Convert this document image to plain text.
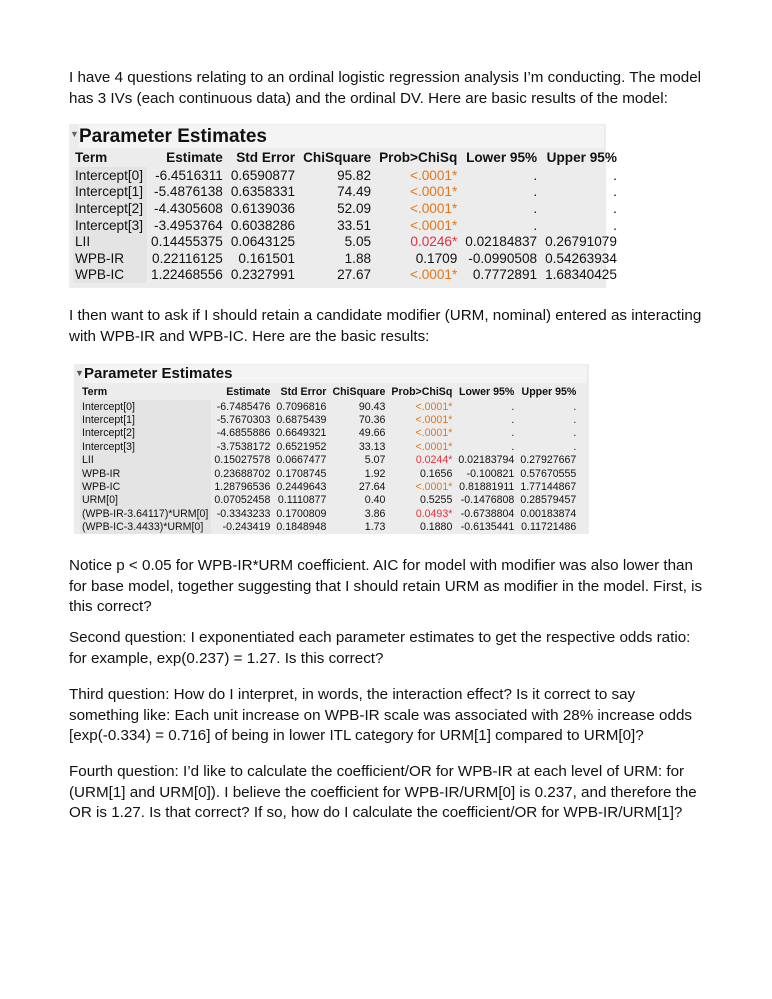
I have 4 questions relating to an ordinal logistic regression analysis I’m conducting. The model has 3 IVs (each continuous data) and the ordinal DV. Here are basic results of the model:

▼ Parameter Estimates
Term	Estimate	Std Error	ChiSquare	Prob>ChiSq	Lower 95%	Upper 95%
Intercept[0]	-6.4516311	0.6590877	95.82	<.0001*	.	.
Intercept[1]	-5.4876138	0.6358331	74.49	<.0001*	.	.
Intercept[2]	-4.4305608	0.6139036	52.09	<.0001*	.	.
Intercept[3]	-3.4953764	0.6038286	33.51	<.0001*	.	.
LII	0.14455375	0.0643125	5.05	0.0246*	0.02184837	0.26791079
WPB-IR	0.22116125	0.161501	1.88	0.1709	-0.0990508	0.54263934
WPB-IC	1.22468556	0.2327991	27.67	<.0001*	0.7772891	1.68340425

I then want to ask if I should retain a candidate modifier (URM, nominal) entered as interacting with WPB-IR and WPB-IC. Here are the basic results:

▼ Parameter Estimates
Term	Estimate	Std Error	ChiSquare	Prob>ChiSq	Lower 95%	Upper 95%
Intercept[0]	-6.7485476	0.7096816	90.43	<.0001*	.	.
Intercept[1]	-5.7670303	0.6875439	70.36	<.0001*	.	.
Intercept[2]	-4.6855886	0.6649321	49.66	<.0001*	.	.
Intercept[3]	-3.7538172	0.6521952	33.13	<.0001*	.	.
LII	0.15027578	0.0667477	5.07	0.0244*	0.02183794	0.27927667
WPB-IR	0.23688702	0.1708745	1.92	0.1656	-0.100821	0.57670555
WPB-IC	1.28796536	0.2449643	27.64	<.0001*	0.81881911	1.77144867
URM[0]	0.07052458	0.1110877	0.40	0.5255	-0.1476808	0.28579457
(WPB-IR-3.64117)*URM[0]	-0.3343233	0.1700809	3.86	0.0493*	-0.6738804	0.00183874
(WPB-IC-3.4433)*URM[0]	-0.243419	0.1848948	1.73	0.1880	-0.6135441	0.11721486

Notice p < 0.05 for WPB-IR*URM coefficient. AIC for model with modifier was also lower than for base model, together suggesting that I should retain URM as modifier in the model. First, is this correct?

Second question: I exponentiated each parameter estimates to get the respective odds ratio: for example, exp(0.237) = 1.27. Is this correct?

Third question: How do I interpret, in words, the interaction effect? Is it correct to say something like: Each unit increase on WPB-IR scale was associated with 28% increase odds [exp(-0.334) = 0.716] of being in lower ITL category for URM[1] compared to URM[0]?

Fourth question: I’d like to calculate the coefficient/OR for WPB-IR at each level of URM: for (URM[1] and URM[0]). I believe the coefficient for WPB-IR/URM[0] is 0.237, and therefore the OR is 1.27. Is that correct? If so, how do I calculate the coefficient/OR for WPB-IR/URM[1]?
